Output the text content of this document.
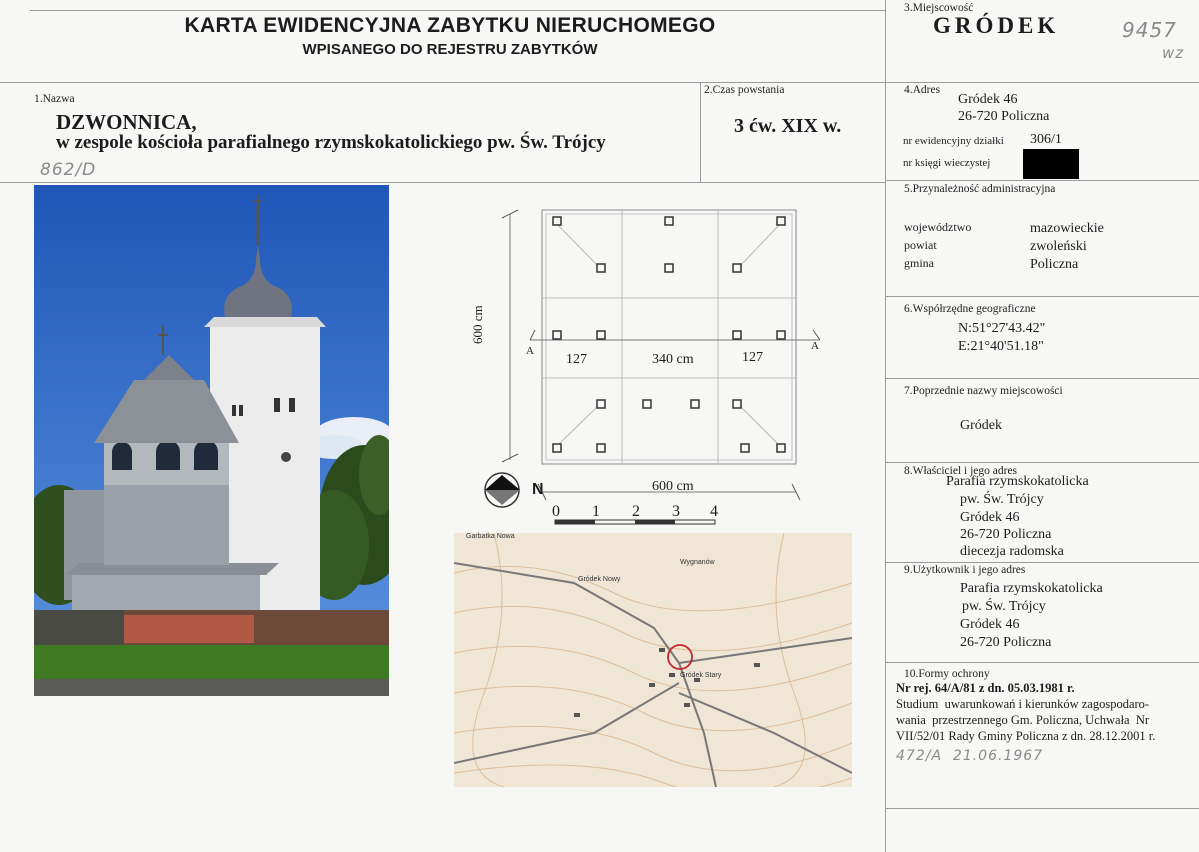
KARTA EWIDENCYJNA ZABYTKU NIERUCHOMEGO
WPISANEGO DO REJESTRU ZABYTKÓW
3.Miejscowość
GRÓDEK	9457
wz
1.Nazwa
DZWONNICA,
w zespole kościoła parafialnego rzymskokatolickiego pw. Św. Trójcy
862/D
2.Czas powstania
3 ćw. XIX w.
4.Adres
Gródek 46
26-720 Policzna
nr ewidencyjny działki 306/1
nr księgi wieczystej
5.Przynależność administracyjna
województwo	mazowieckie
powiat	zwoleński
gmina	Policzna
6.Współrzędne geograficzne
N:51°27'43.42"
E:21°40'51.18"
7.Poprzednie nazwy miejscowości
Gródek
8.Właściciel i jego adres
Parafia rzymskokatolicka
pw. Św. Trójcy
Gródek 46
26-720 Policzna
diecezja radomska
9.Użytkownik i jego adres
Parafia rzymskokatolicka
pw. Św. Trójcy
Gródek 46
26-720 Policzna
10.Formy ochrony
Nr rej. 64/A/81 z dn. 05.03.1981 r.
Studium  uwarunkowań i kierunków zagospodaro-
wania  przestrzennego Gm. Policzna, Uchwała  Nr
VII/52/01 Rady Gminy Policzna z dn. 28.12.2001 r.
472/A  21.06.1967
600 cm
A	A
127	340 cm	127
600 cm
N
0 1 2 3 4
Garbatka Nowa
Gródek Nowy
Gródek Stary
Wygnanów
